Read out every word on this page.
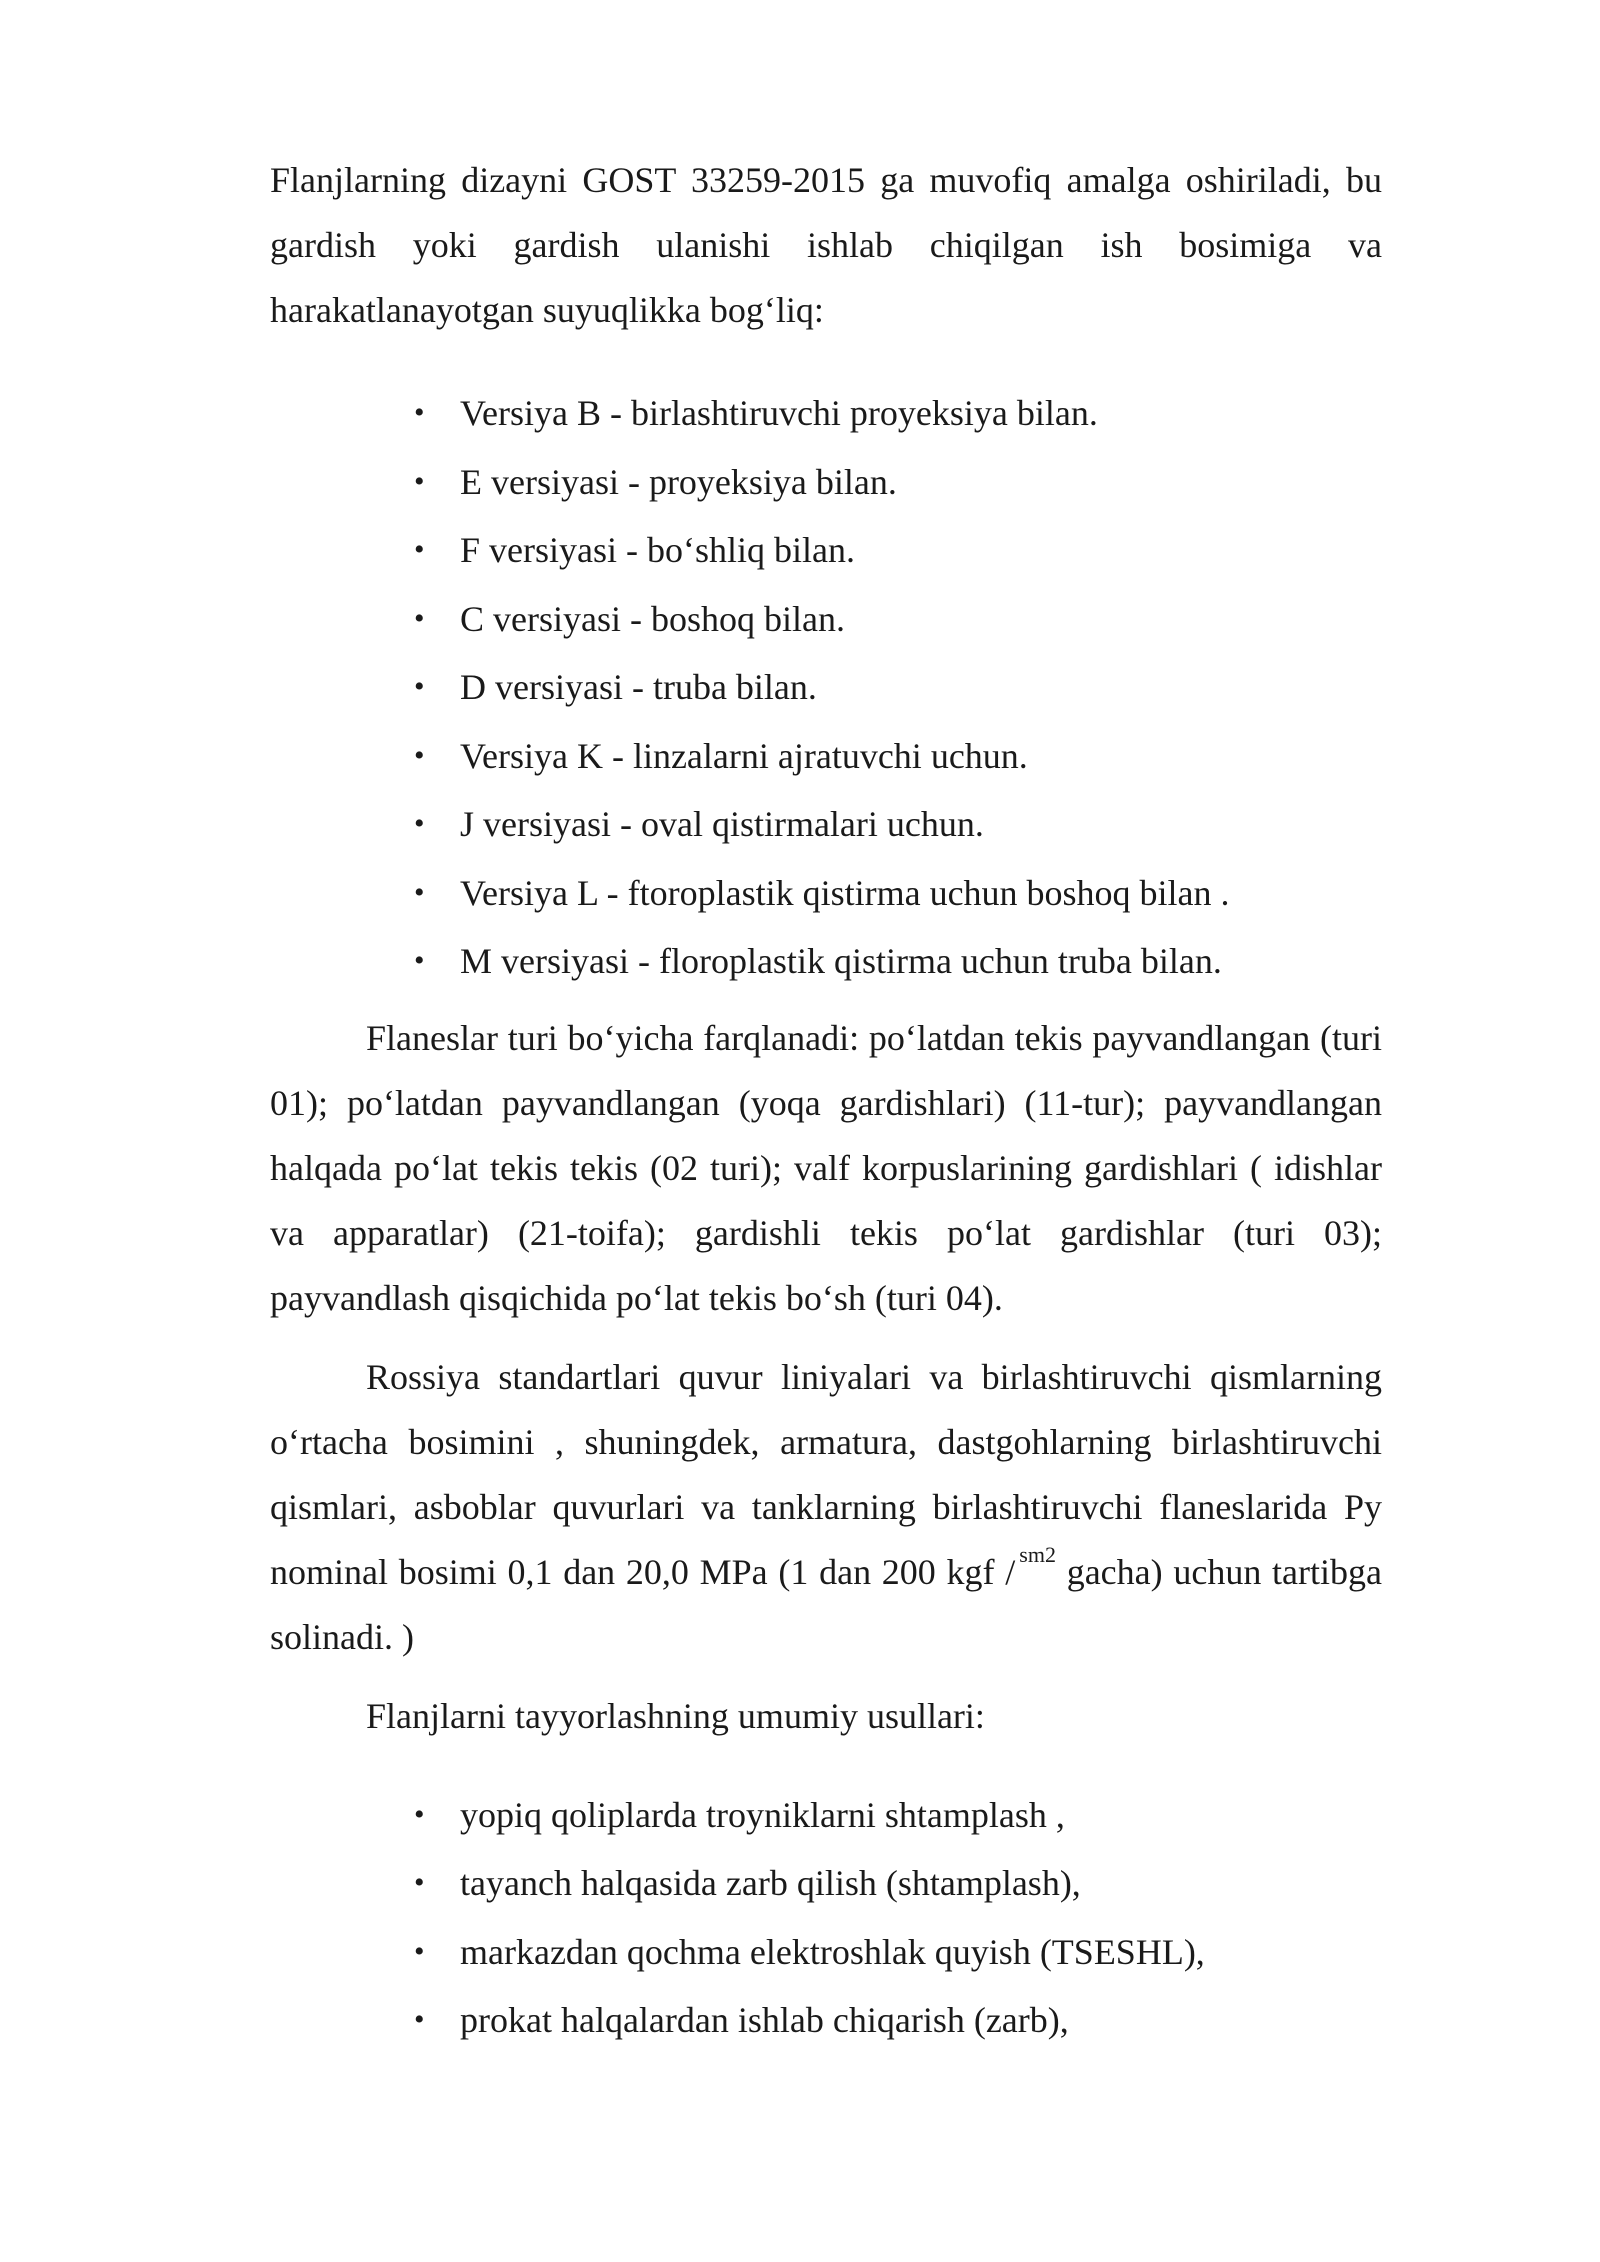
Flanjlarning dizayni GOST 33259-2015 ga muvofiq amalga oshiriladi, bu gardish yoki gardish ulanishi ishlab chiqilgan ish bosimiga va harakatlanayotgan suyuqlikka bog‘liq:

• Versiya B - birlashtiruvchi proyeksiya bilan.
• E versiyasi - proyeksiya bilan.
• F versiyasi - bo‘shliq bilan.
• C versiyasi - boshoq bilan.
• D versiyasi - truba bilan.
• Versiya K - linzalarni ajratuvchi uchun.
• J versiyasi - oval qistirmalari uchun.
• Versiya L - ftoroplastik qistirma uchun boshoq bilan .
• M versiyasi - floroplastik qistirma uchun truba bilan.

Flaneslar turi bo‘yicha farqlanadi: po‘latdan tekis payvandlangan (turi 01); po‘latdan payvandlangan (yoqa gardishlari) (11-tur); payvandlangan halqada po‘lat tekis tekis (02 turi); valf korpuslarining gardishlari ( idishlar va apparatlar) (21-toifa); gardishli tekis po‘lat gardishlar (turi 03); payvandlash qisqichida po‘lat tekis bo‘sh (turi 04).

Rossiya standartlari quvur liniyalari va birlashtiruvchi qismlarning o‘rtacha bosimini , shuningdek, armatura, dastgohlarning birlashtiruvchi qismlari, asboblar quvurlari va tanklarning birlashtiruvchi flaneslarida Py nominal bosimi 0,1 dan 20,0 MPa (1 dan 200 kgf / $^{sm2}$ gacha) uchun tartibga solinadi. )

Flanjlarni tayyorlashning umumiy usullari:

• yopiq qoliplarda troyniklarni shtamplash ,
• tayanch halqasida zarb qilish (shtamplash),
• markazdan qochma elektroshlak quyish (TSESHL),
• prokat halqalardan ishlab chiqarish (zarb),
